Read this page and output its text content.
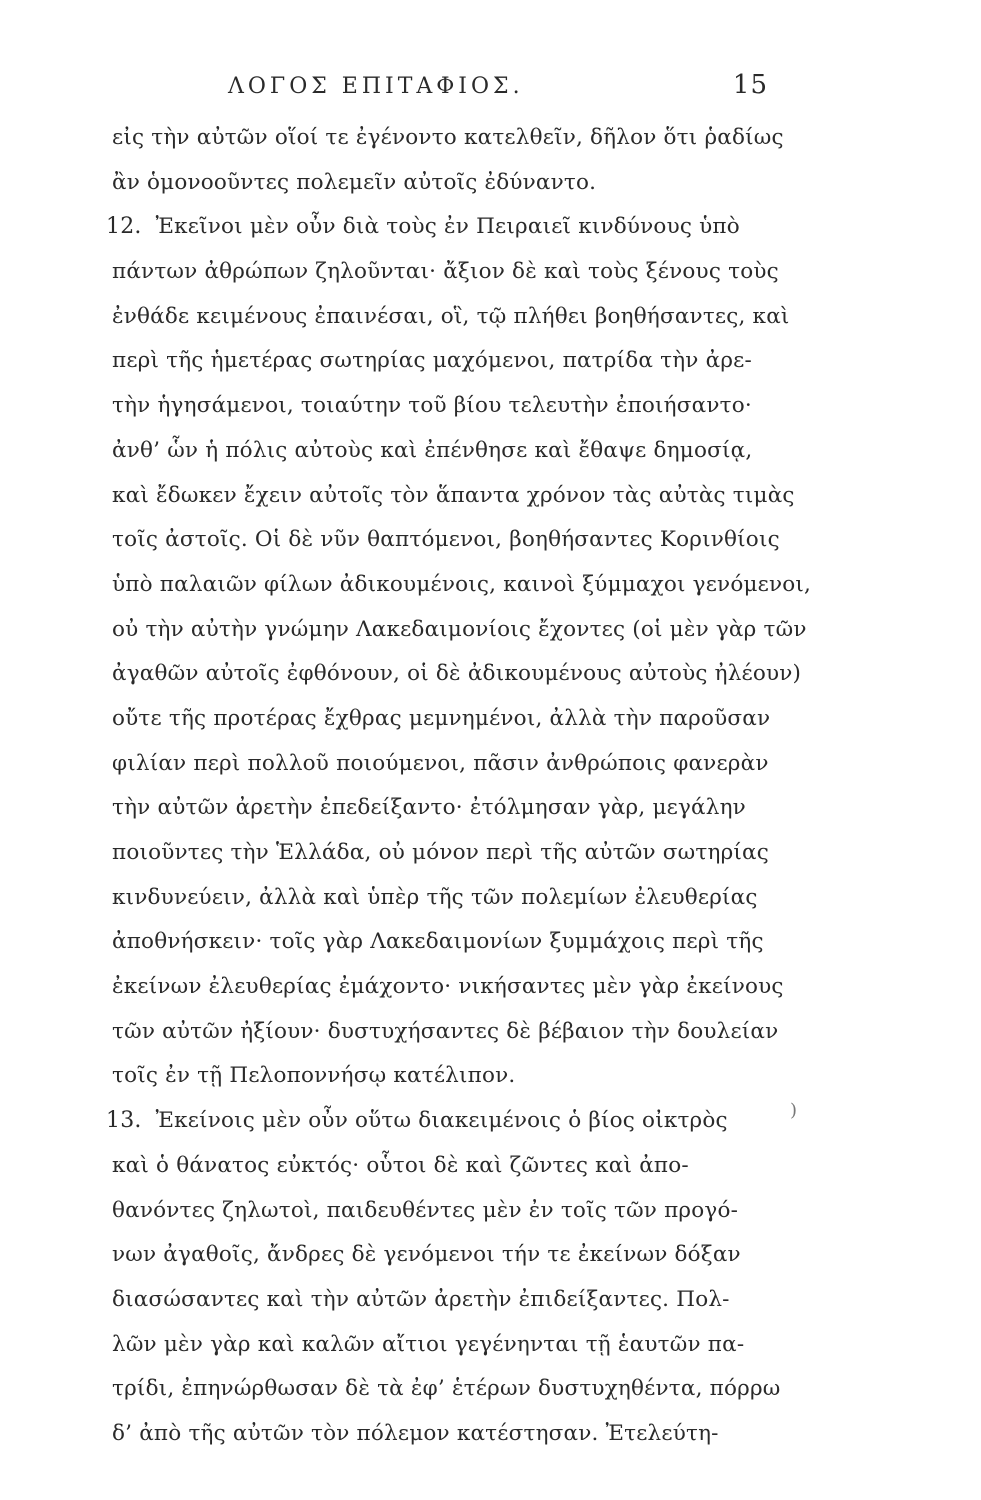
ΛΟΓΟΣ ΕΠΙΤΑΦΙΟΣ.	15
εἰς τὴν αὐτῶν οἵοί τε ἐγένοντο κατελθεῖν, δῆλον ὅτι ῥαδίως
ἂν ὁμονοοῦντες πολεμεῖν αὐτοῖς ἐδύναντο.
12. Ἐκεῖνοι μὲν οὖν διὰ τοὺς ἐν Πειραιεῖ κινδύνους ὑπὸ
πάντων ἀθρώπων ζηλοῦνται· ἄξιον δὲ καὶ τοὺς ξένους τοὺς
ἐνθάδε κειμένους ἐπαινέσαι, οἳ, τῷ πλήθει βοηθήσαντες, καὶ
περὶ τῆς ἡμετέρας σωτηρίας μαχόμενοι, πατρίδα τὴν ἀρε-
τὴν ἡγησάμενοι, τοιαύτην τοῦ βίου τελευτὴν ἐποιήσαντο·
ἀνθ’ ὧν ἡ πόλις αὐτοὺς καὶ ἐπένθησε καὶ ἔθαψε δημοσίᾳ,
καὶ ἔδωκεν ἔχειν αὐτοῖς τὸν ἅπαντα χρόνον τὰς αὐτὰς τιμὰς
τοῖς ἀστοῖς. Οἱ δὲ νῦν θαπτόμενοι, βοηθήσαντες Κορινθίοις
ὑπὸ παλαιῶν φίλων ἀδικουμένοις, καινοὶ ξύμμαχοι γενόμενοι,
οὐ τὴν αὐτὴν γνώμην Λακεδαιμονίοις ἔχοντες (οἱ μὲν γὰρ τῶν
ἀγαθῶν αὐτοῖς ἐφθόνουν, οἱ δὲ ἀδικουμένους αὐτοὺς ἠλέουν)
οὔτε τῆς προτέρας ἔχθρας μεμνημένοι, ἀλλὰ τὴν παροῦσαν
φιλίαν περὶ πολλοῦ ποιούμενοι, πᾶσιν ἀνθρώποις φανερὰν
τὴν αὐτῶν ἀρετὴν ἐπεδείξαντο· ἐτόλμησαν γὰρ, μεγάλην
ποιοῦντες τὴν Ἑλλάδα, οὐ μόνον περὶ τῆς αὐτῶν σωτηρίας
κινδυνεύειν, ἀλλὰ καὶ ὑπὲρ τῆς τῶν πολεμίων ἐλευθερίας
ἀποθνήσκειν· τοῖς γὰρ Λακεδαιμονίων ξυμμάχοις περὶ τῆς
ἐκείνων ἐλευθερίας ἐμάχοντο· νικήσαντες μὲν γὰρ ἐκείνους
τῶν αὐτῶν ἠξίουν· δυστυχήσαντες δὲ βέβαιον τὴν δουλείαν
τοῖς ἐν τῇ Πελοποννήσῳ κατέλιπον.
13. Ἐκείνοις μὲν οὖν οὕτω διακειμένοις ὁ βίος οἰκτρὸς
καὶ ὁ θάνατος εὐκτός· οὗτοι δὲ καὶ ζῶντες καὶ ἀπο-
θανόντες ζηλωτοὶ, παιδευθέντες μὲν ἐν τοῖς τῶν προγό-
νων ἀγαθοῖς, ἄνδρες δὲ γενόμενοι τήν τε ἐκείνων δόξαν
διασώσαντες καὶ τὴν αὐτῶν ἀρετὴν ἐπιδείξαντες. Πολ-
λῶν μὲν γὰρ καὶ καλῶν αἴτιοι γεγένηνται τῇ ἑαυτῶν πα-
τρίδι, ἐπηνώρθωσαν δὲ τὰ ἐφ’ ἑτέρων δυστυχηθέντα, πόρρω
δ’ ἀπὸ τῆς αὐτῶν τὸν πόλεμον κατέστησαν. Ἐτελεύτη-
)
